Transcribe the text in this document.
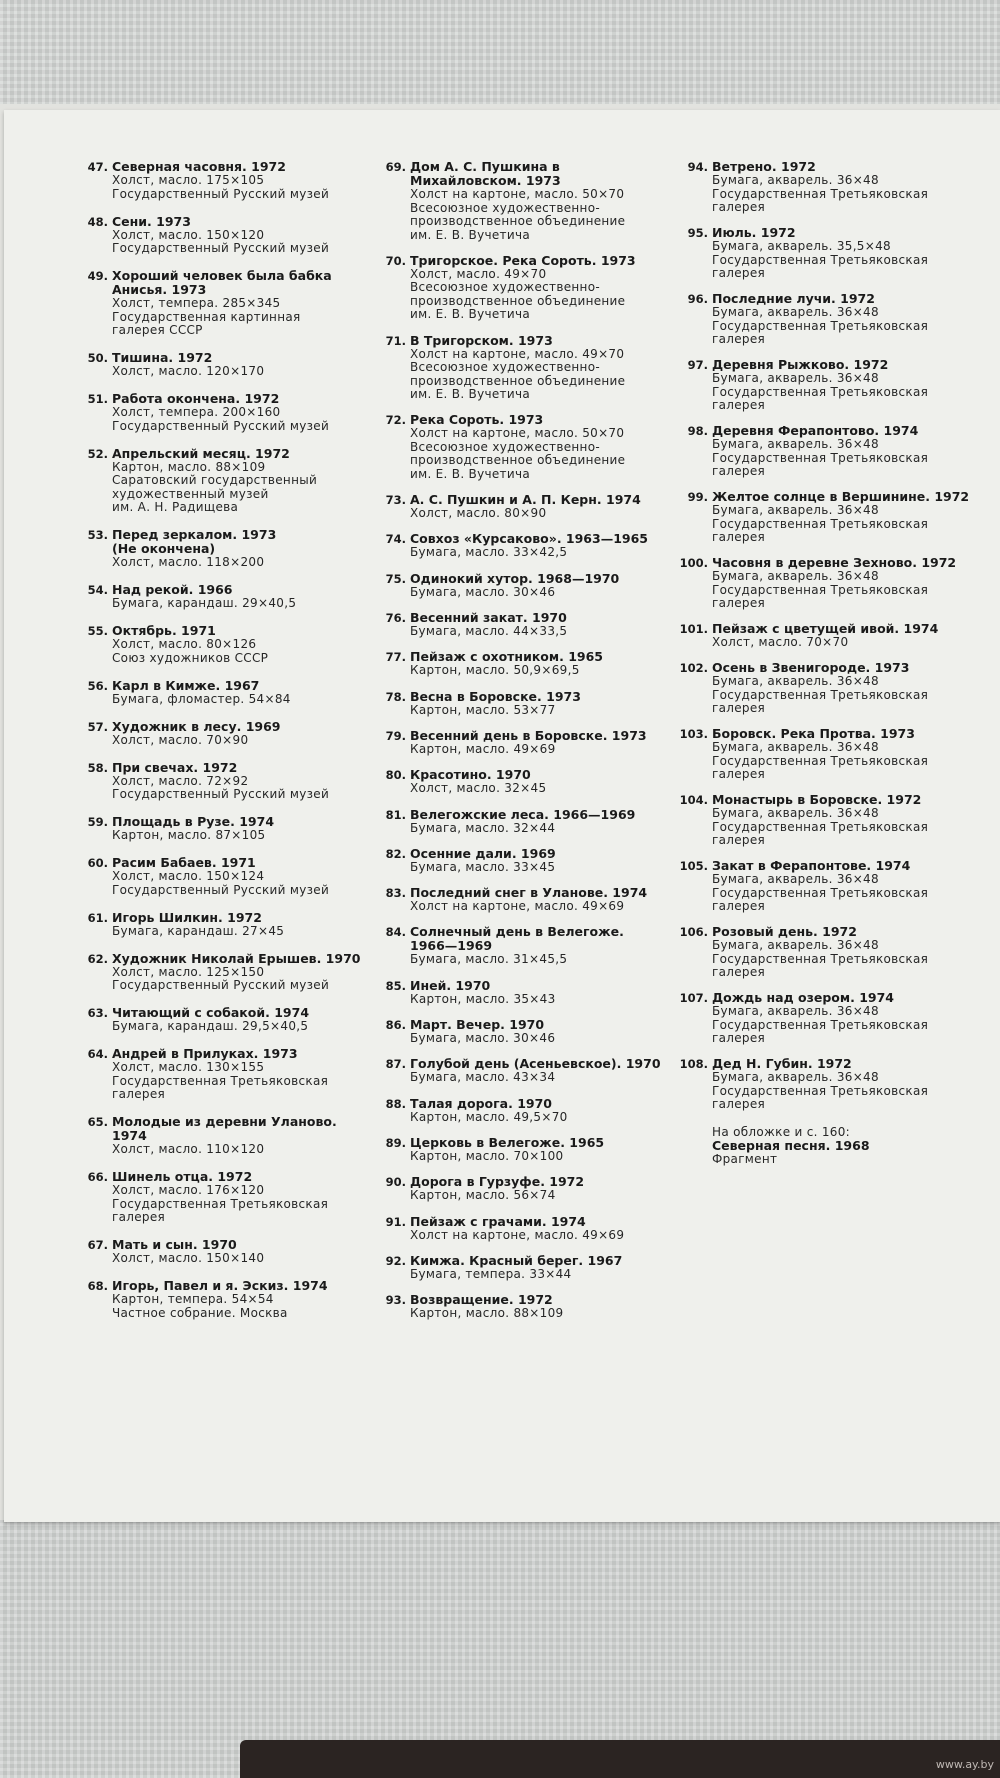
47. Северная часовня. 1972
Холст, масло. 175×105
Государственный Русский музей
48. Сени. 1973
Холст, масло. 150×120
Государственный Русский музей
49. Хороший человек была бабка
Анисья. 1973
Холст, темпера. 285×345
Государственная картинная
галерея СССР
50. Тишина. 1972
Холст, масло. 120×170
51. Работа окончена. 1972
Холст, темпера. 200×160
Государственный Русский музей
52. Апрельский месяц. 1972
Картон, масло. 88×109
Саратовский государственный
художественный музей
им. А. Н. Радищева
53. Перед зеркалом. 1973
(Не окончена)
Холст, масло. 118×200
54. Над рекой. 1966
Бумага, карандаш. 29×40,5
55. Октябрь. 1971
Холст, масло. 80×126
Союз художников СССР
56. Карл в Кимже. 1967
Бумага, фломастер. 54×84
57. Художник в лесу. 1969
Холст, масло. 70×90
58. При свечах. 1972
Холст, масло. 72×92
Государственный Русский музей
59. Площадь в Рузе. 1974
Картон, масло. 87×105
60. Расим Бабаев. 1971
Холст, масло. 150×124
Государственный Русский музей
61. Игорь Шилкин. 1972
Бумага, карандаш. 27×45
62. Художник Николай Ерышев. 1970
Холст, масло. 125×150
Государственный Русский музей
63. Читающий с собакой. 1974
Бумага, карандаш. 29,5×40,5
64. Андрей в Прилуках. 1973
Холст, масло. 130×155
Государственная Третьяковская
галерея
65. Молодые из деревни Уланово.
1974
Холст, масло. 110×120
66. Шинель отца. 1972
Холст, масло. 176×120
Государственная Третьяковская
галерея
67. Мать и сын. 1970
Холст, масло. 150×140
68. Игорь, Павел и я. Эскиз. 1974
Картон, темпера. 54×54
Частное собрание. Москва
69. Дом А. С. Пушкина в
Михайловском. 1973
Холст на картоне, масло. 50×70
Всесоюзное художественно-
производственное объединение
им. Е. В. Вучетича
70. Тригорское. Река Сороть. 1973
Холст, масло. 49×70
Всесоюзное художественно-
производственное объединение
им. Е. В. Вучетича
71. В Тригорском. 1973
Холст на картоне, масло. 49×70
Всесоюзное художественно-
производственное объединение
им. Е. В. Вучетича
72. Река Сороть. 1973
Холст на картоне, масло. 50×70
Всесоюзное художественно-
производственное объединение
им. Е. В. Вучетича
73. А. С. Пушкин и А. П. Керн. 1974
Холст, масло. 80×90
74. Совхоз «Курсаково». 1963—1965
Бумага, масло. 33×42,5
75. Одинокий хутор. 1968—1970
Бумага, масло. 30×46
76. Весенний закат. 1970
Бумага, масло. 44×33,5
77. Пейзаж с охотником. 1965
Картон, масло. 50,9×69,5
78. Весна в Боровске. 1973
Картон, масло. 53×77
79. Весенний день в Боровске. 1973
Картон, масло. 49×69
80. Красотино. 1970
Холст, масло. 32×45
81. Велегожские леса. 1966—1969
Бумага, масло. 32×44
82. Осенние дали. 1969
Бумага, масло. 33×45
83. Последний снег в Уланове. 1974
Холст на картоне, масло. 49×69
84. Солнечный день в Велегоже.
1966—1969
Бумага, масло. 31×45,5
85. Иней. 1970
Картон, масло. 35×43
86. Март. Вечер. 1970
Бумага, масло. 30×46
87. Голубой день (Асеньевское). 1970
Бумага, масло. 43×34
88. Талая дорога. 1970
Картон, масло. 49,5×70
89. Церковь в Велегоже. 1965
Картон, масло. 70×100
90. Дорога в Гурзуфе. 1972
Картон, масло. 56×74
91. Пейзаж с грачами. 1974
Холст на картоне, масло. 49×69
92. Кимжа. Красный берег. 1967
Бумага, темпера. 33×44
93. Возвращение. 1972
Картон, масло. 88×109
94. Ветрено. 1972
Бумага, акварель. 36×48
Государственная Третьяковская
галерея
95. Июль. 1972
Бумага, акварель. 35,5×48
Государственная Третьяковская
галерея
96. Последние лучи. 1972
Бумага, акварель. 36×48
Государственная Третьяковская
галерея
97. Деревня Рыжково. 1972
Бумага, акварель. 36×48
Государственная Третьяковская
галерея
98. Деревня Ферапонтово. 1974
Бумага, акварель. 36×48
Государственная Третьяковская
галерея
99. Желтое солнце в Вершинине. 1972
Бумага, акварель. 36×48
Государственная Третьяковская
галерея
100. Часовня в деревне Зехново. 1972
Бумага, акварель. 36×48
Государственная Третьяковская
галерея
101. Пейзаж с цветущей ивой. 1974
Холст, масло. 70×70
102. Осень в Звенигороде. 1973
Бумага, акварель. 36×48
Государственная Третьяковская
галерея
103. Боровск. Река Протва. 1973
Бумага, акварель. 36×48
Государственная Третьяковская
галерея
104. Монастырь в Боровске. 1972
Бумага, акварель. 36×48
Государственная Третьяковская
галерея
105. Закат в Ферапонтове. 1974
Бумага, акварель. 36×48
Государственная Третьяковская
галерея
106. Розовый день. 1972
Бумага, акварель. 36×48
Государственная Третьяковская
галерея
107. Дождь над озером. 1974
Бумага, акварель. 36×48
Государственная Третьяковская
галерея
108. Дед Н. Губин. 1972
Бумага, акварель. 36×48
Государственная Третьяковская
галерея
На обложке и с. 160:
Северная песня. 1968
Фрагмент
www.ay.by
